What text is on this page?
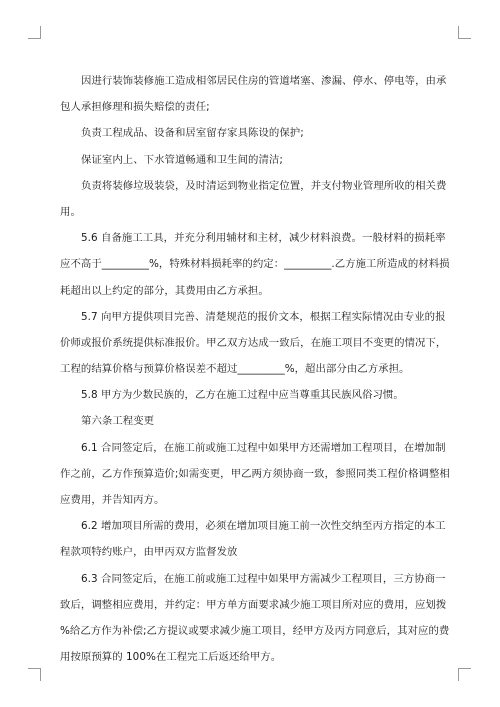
因进行装饰装修施工造成相邻居民住房的管道堵塞、渗漏、停水、停电等，由承
包人承担修理和损失赔偿的责任;
负责工程成品、设备和居室留存家具陈设的保护;
保证室内上、下水管道畅通和卫生间的清洁;
负责将装修垃圾装袋，及时清运到物业指定位置，并支付物业管理所收的相关费
用。
5.6 自备施工工具，并充分利用辅材和主材，减少材料浪费。一般材料的损耗率
应不高于_________%，特殊材料损耗率的约定：_________.乙方施工所造成的材料损
耗超出以上约定的部分，其费用由乙方承担。
5.7 向甲方提供项目完善、清楚规范的报价文本，根据工程实际情况由专业的报
价师或报价系统提供标准报价。甲乙双方达成一致后，在施工项目不变更的情况下，
工程的结算价格与预算价格误差不超过_________%，超出部分由乙方承担。
5.8 甲方为少数民族的，乙方在施工过程中应当尊重其民族风俗习惯。
第六条工程变更
6.1 合同签定后，在施工前或施工过程中如果甲方还需增加工程项目，在增加制
作之前，乙方作预算造价;如需变更，甲乙两方须协商一致，参照同类工程价格调整相
应费用，并告知丙方。
6.2 增加项目所需的费用，必须在增加项目施工前一次性交纳至丙方指定的本工
程款项特约账户，由甲丙双方监督发放
6.3 合同签定后，在施工前或施工过程中如果甲方需减少工程项目，三方协商一
致后，调整相应费用，并约定：甲方单方面要求减少施工项目所对应的费用，应划拨
%给乙方作为补偿;乙方提议或要求减少施工项目，经甲方及丙方同意后，其对应的费
用按原预算的 100%在工程完工后返还给甲方。
